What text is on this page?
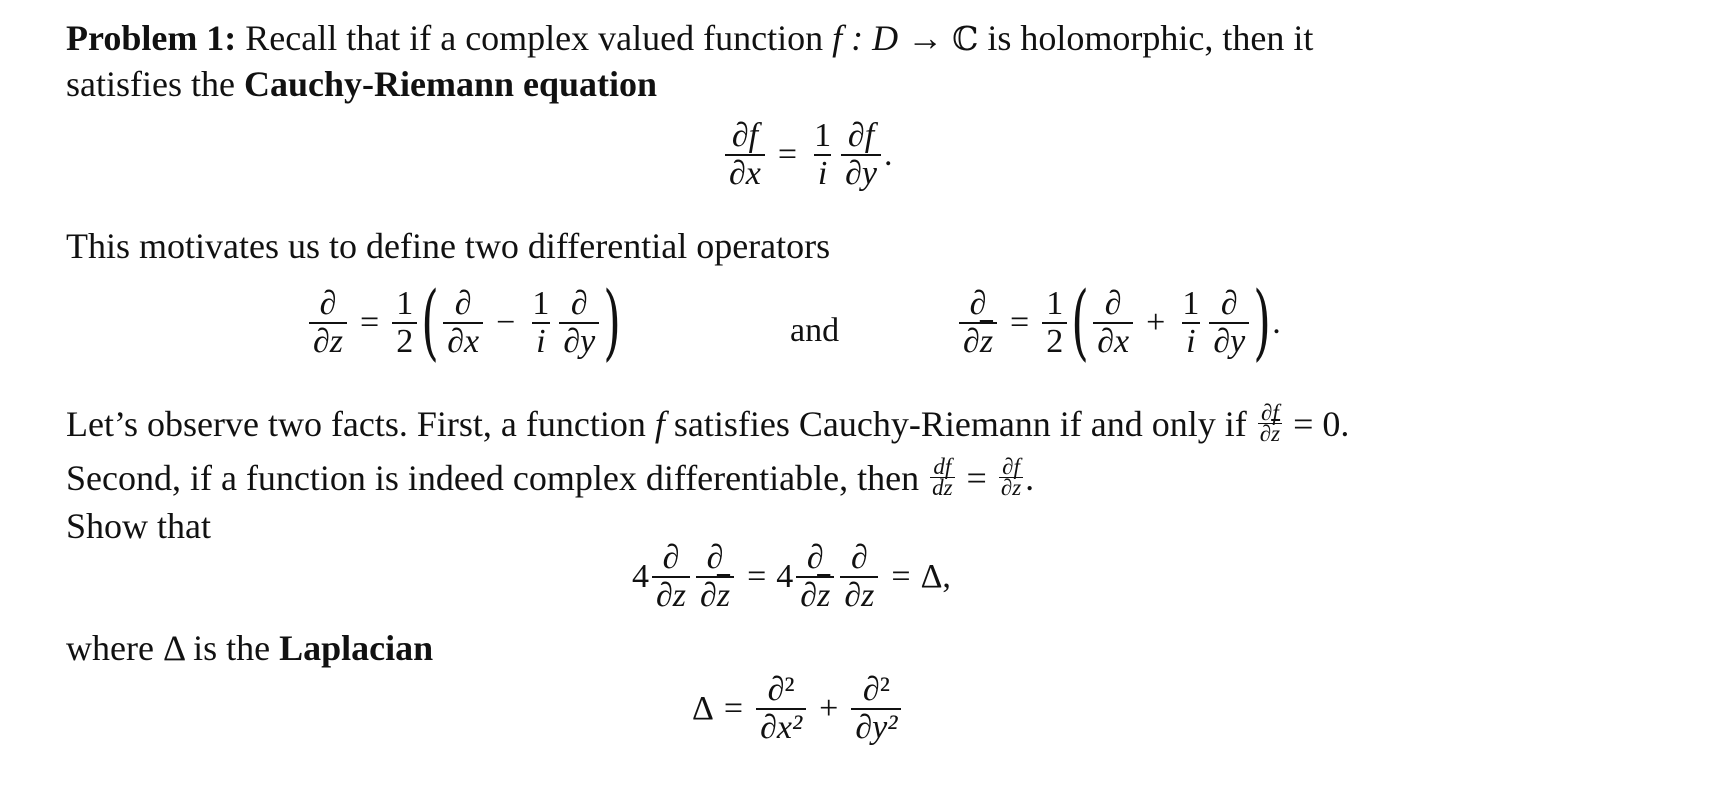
Problem 1: Recall that if a complex valued function f : D → ℂ is holomorphic, then it
satisfies the Cauchy-Riemann equation
$\frac{\partial f}{\partial x} = \frac{1}{i} \frac{\partial f}{\partial y}$ .
This motivates us to define two differential operators
$\frac{\partial}{\partial z} = \frac{1}{2}$ ( $\frac{\partial}{\partial x} - \frac{1}{i} \frac{\partial}{\partial y}$ )	and	$\frac{\partial}{\partial\overline{z}} = \frac{1}{2}$ ( $\frac{\partial}{\partial x} + \frac{1}{i} \frac{\partial}{\partial y}$ ) .
Let’s observe two facts. First, a function f satisfies Cauchy-Riemann if and only if $\frac{\partial f}{\partial\overline{z}} = 0$.
Second, if a function is indeed complex differentiable, then $\frac{df}{dz} = \frac{\partial f}{\partial z}$ .
Show that
$4 \frac{\partial}{\partial z} \frac{\partial}{\partial\overline{z}} = 4 \frac{\partial}{\partial\overline{z}} \frac{\partial}{\partial z} = \Delta$,
where Δ is the Laplacian
$\Delta = \frac{\text{∂²}}{\text{∂x²}} + \frac{\text{∂²}}{\text{∂y²}}$
